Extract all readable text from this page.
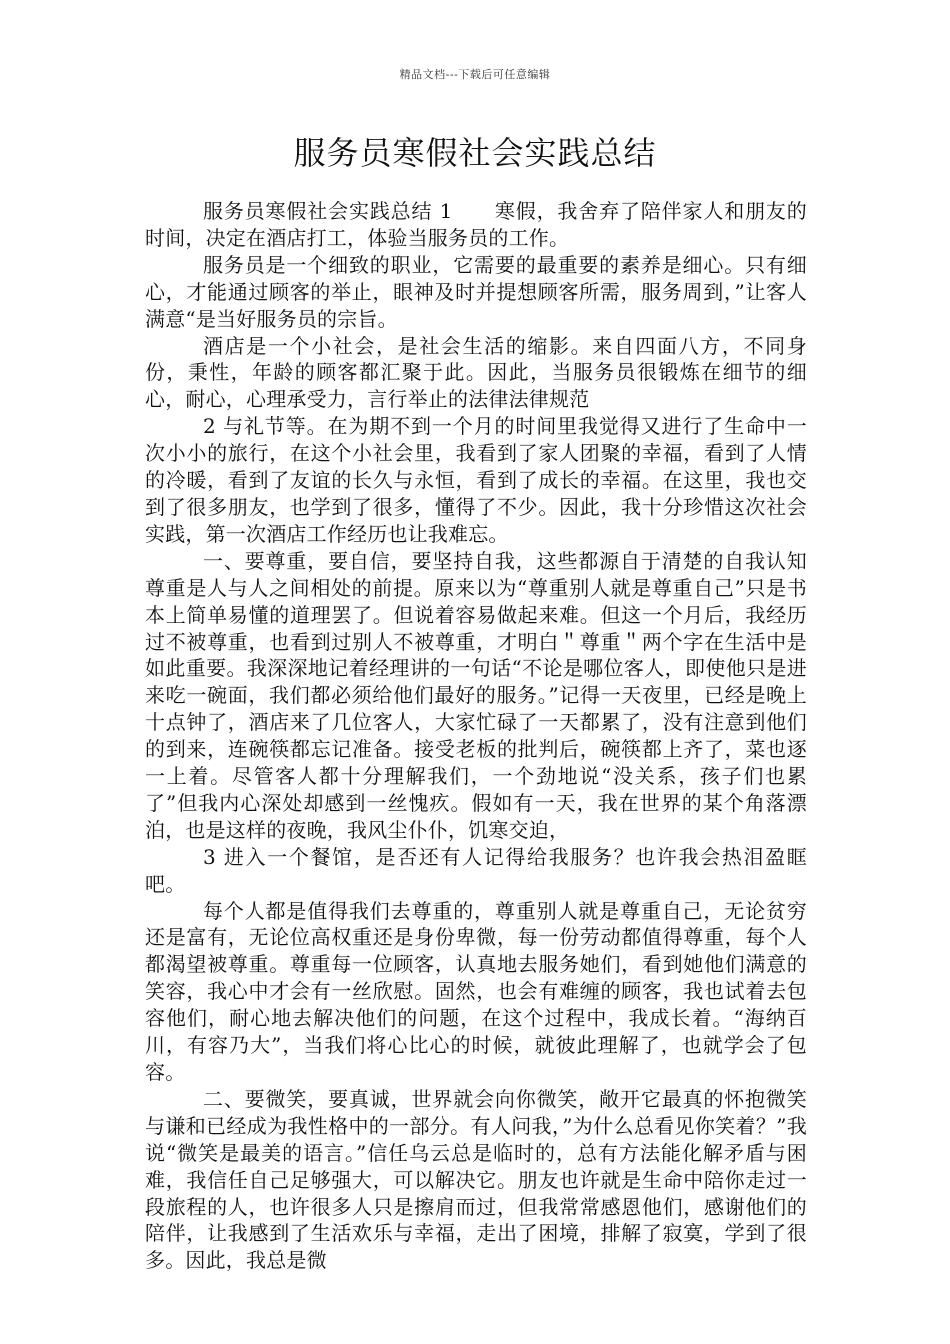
精品文档---下载后可任意编辑
服务员寒假社会实践总结

服务员寒假社会实践总结 1　　寒假，我舍弃了陪伴家人和朋友的时间，决定在酒店打工，体验当服务员的工作。

服务员是一个细致的职业，它需要的最重要的素养是细心。只有细心，才能通过顾客的举止，眼神及时并提想顾客所需，服务周到，”让客人满意“是当好服务员的宗旨。

酒店是一个小社会，是社会生活的缩影。来自四面八方，不同身份，秉性，年龄的顾客都汇聚于此。因此，当服务员很锻炼在细节的细心，耐心，心理承受力，言行举止的法律法律规范

2 与礼节等。在为期不到一个月的时间里我觉得又进行了生命中一次小小的旅行，在这个小社会里，我看到了家人团聚的幸福，看到了人情的冷暖，看到了友谊的长久与永恒，看到了成长的幸福。在这里，我也交到了很多朋友，也学到了很多，懂得了不少。因此，我十分珍惜这次社会实践，第一次酒店工作经历也让我难忘。

一、要尊重，要自信，要坚持自我，这些都源自于清楚的自我认知　　尊重是人与人之间相处的前提。原来以为“尊重别人就是尊重自己”只是书本上简单易懂的道理罢了。但说着容易做起来难。但这一个月后，我经历过不被尊重，也看到过别人不被尊重，才明白＂尊重＂两个字在生活中是如此重要。我深深地记着经理讲的一句话“不论是哪位客人，即使他只是进来吃一碗面，我们都必须给他们最好的服务。”记得一天夜里，已经是晚上十点钟了，酒店来了几位客人，大家忙碌了一天都累了，没有注意到他们的到来，连碗筷都忘记准备。接受老板的批判后，碗筷都上齐了，菜也逐一上着。尽管客人都十分理解我们，一个劲地说“没关系，孩子们也累了”但我内心深处却感到一丝愧疚。假如有一天，我在世界的某个角落漂泊，也是这样的夜晚，我风尘仆仆，饥寒交迫，

3 进入一个餐馆，是否还有人记得给我服务？也许我会热泪盈眶吧。

每个人都是值得我们去尊重的，尊重别人就是尊重自己，无论贫穷还是富有，无论位高权重还是身份卑微，每一份劳动都值得尊重，每个人都渴望被尊重。尊重每一位顾客，认真地去服务她们，看到她他们满意的笑容，我心中才会有一丝欣慰。固然，也会有难缠的顾客，我也试着去包容他们，耐心地去解决他们的问题，在这个过程中，我成长着。“海纳百川，有容乃大”，当我们将心比心的时候，就彼此理解了，也就学会了包容。

二、要微笑，要真诚，世界就会向你微笑，敞开它最真的怀抱微笑与谦和已经成为我性格中的一部分。有人问我，”为什么总看见你笑着？”我说“微笑是最美的语言。”信任乌云总是临时的，总有方法能化解矛盾与困难，我信任自己足够强大，可以解决它。朋友也许就是生命中陪你走过一段旅程的人，也许很多人只是擦肩而过，但我常常感恩他们，感谢他们的陪伴，让我感到了生活欢乐与幸福，走出了困境，排解了寂寞，学到了很多。因此，我总是微
